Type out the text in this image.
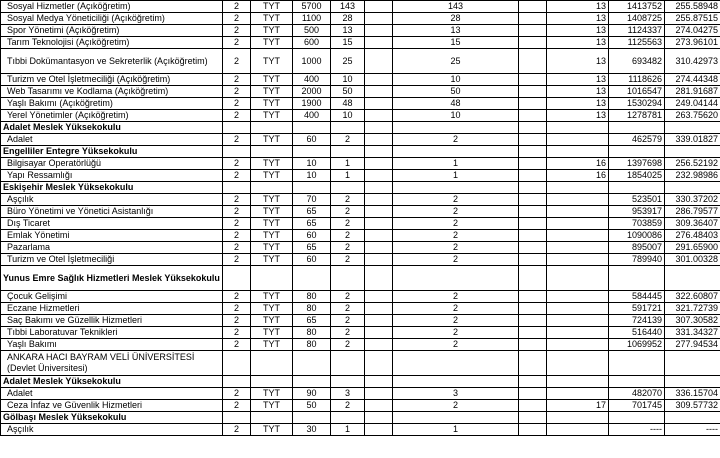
Sosyal Hizmetler (Açıköğretim)	2	TYT	5700	143		143		13	1413752	255.58948
Sosyal Medya Yöneticiliği (Açıköğretim)	2	TYT	1100	28		28		13	1408725	255.87515
Spor Yönetimi (Açıköğretim)	2	TYT	500	13		13		13	1124337	274.04275
Tarım Teknolojisi (Açıköğretim)	2	TYT	600	15		15		13	1125563	273.96101
Tıbbi Dokümantasyon ve Sekreterlik (Açıköğretim)	2	TYT	1000	25		25		13	693482	310.42973
Turizm ve Otel İşletmeciliği (Açıköğretim)	2	TYT	400	10		10		13	1118626	274.44348
Web Tasarımı ve Kodlama (Açıköğretim)	2	TYT	2000	50		50		13	1016547	281.91687
Yaşlı Bakımı (Açıköğretim)	2	TYT	1900	48		48		13	1530294	249.04144
Yerel Yönetimler (Açıköğretim)	2	TYT	400	10		10		13	1278781	263.75620
Adalet Meslek Yüksekokulu										
Adalet	2	TYT	60	2		2			462579	339.01827
Engelliler Entegre Yüksekokulu										
Bilgisayar Operatörlüğü	2	TYT	10	1		1		16	1397698	256.52192
Yapı Ressamlığı	2	TYT	10	1		1		16	1854025	232.98986
Eskişehir Meslek Yüksekokulu										
Aşçılık	2	TYT	70	2		2			523501	330.37202
Büro Yönetimi ve Yönetici Asistanlığı	2	TYT	65	2		2			953917	286.79577
Dış Ticaret	2	TYT	65	2		2			703859	309.36407
Emlak Yönetimi	2	TYT	60	2		2			1090086	276.48403
Pazarlama	2	TYT	65	2		2			895007	291.65900
Turizm ve Otel İşletmeciliği	2	TYT	60	2		2			789940	301.00328
Yunus Emre Sağlık Hizmetleri Meslek Yüksekokulu										
Çocuk Gelişimi	2	TYT	80	2		2			584445	322.60807
Eczane Hizmetleri	2	TYT	80	2		2			591721	321.72739
Saç Bakımı ve Güzellik Hizmetleri	2	TYT	65	2		2			724139	307.30582
Tıbbi Laboratuvar Teknikleri	2	TYT	80	2		2			516440	331.34327
Yaşlı Bakımı	2	TYT	80	2		2			1069952	277.94534
ANKARA HACI BAYRAM VELİ ÜNİVERSİTESİ
(Devlet Üniversitesi)										
Adalet Meslek Yüksekokulu										
Adalet	2	TYT	90	3		3			482070	336.15704
Ceza İnfaz ve Güvenlik Hizmetleri	2	TYT	50	2		2		17	701745	309.57732
Gölbaşı Meslek Yüksekokulu										
Aşçılık	2	TYT	30	1		1			----	----
